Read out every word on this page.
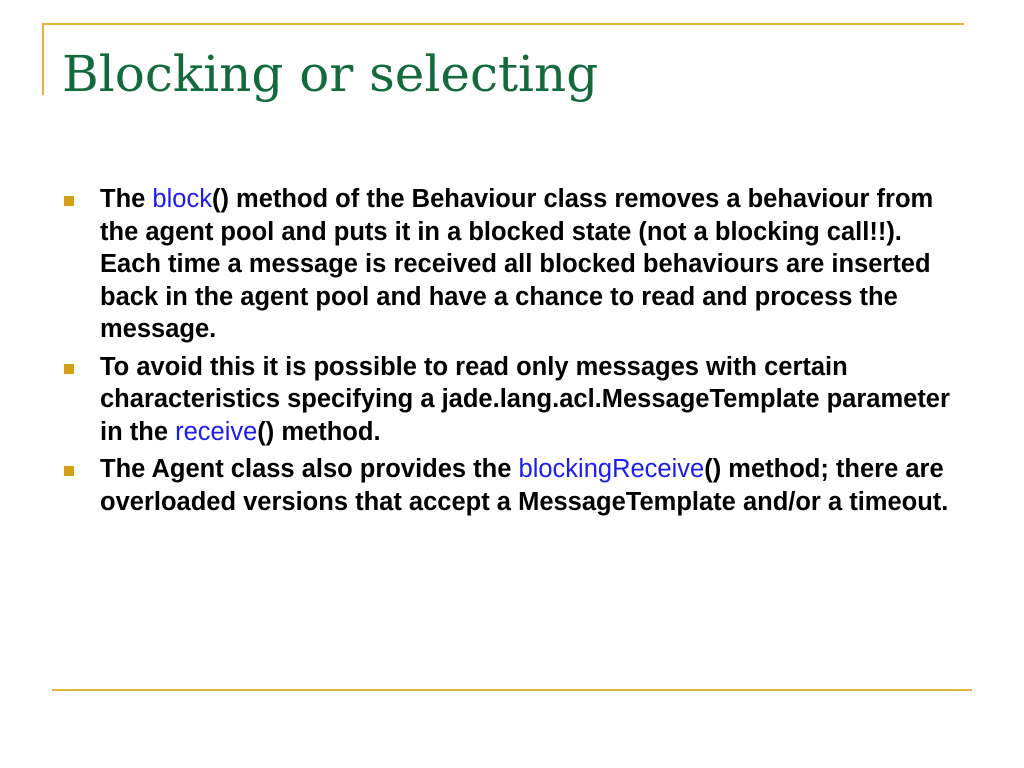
Blocking or selecting
The block() method of the Behaviour class removes a behaviour from the agent pool and puts it in a blocked state (not a blocking call!!). Each time a message is received all blocked behaviours are inserted back in the agent pool and have a chance to read and process the message.
To avoid this it is possible to read only messages with certain characteristics specifying a jade.lang.acl.MessageTemplate parameter in the receive() method.
The Agent class also provides the blockingReceive() method; there are overloaded versions that accept a MessageTemplate and/or a timeout.
